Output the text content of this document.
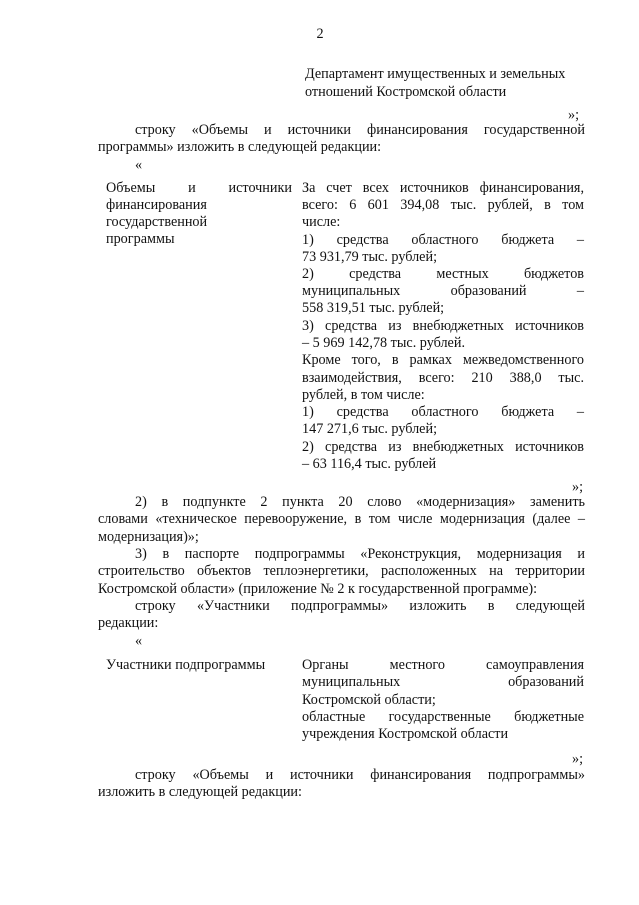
2
Департамент имущественных и земельных
отношений Костромской области
»;
строку «Объемы и источники финансирования государственной
программы» изложить в следующей редакции:
«
Объемы и источники
финансирования
государственной
программы
За счет всех источников финансирования,
всего: 6 601 394,08 тыс. рублей, в том
числе:
1) средства областного бюджета –
73 931,79 тыс. рублей;
2) средства местных бюджетов
муниципальных образований –
558 319,51 тыс. рублей;
3) средства из внебюджетных источников
– 5 969 142,78 тыс. рублей.
Кроме того, в рамках межведомственного
взаимодействия, всего: 210 388,0 тыс.
рублей, в том числе:
1) средства областного бюджета –
147 271,6 тыс. рублей;
2) средства из внебюджетных источников
– 63 116,4 тыс. рублей
»;
2) в подпункте 2 пункта 20 слово «модернизация» заменить
словами «техническое перевооружение, в том числе модернизация (далее –
модернизация)»;
3) в паспорте подпрограммы «Реконструкция, модернизация и
строительство объектов теплоэнергетики, расположенных на территории
Костромской области» (приложение № 2 к государственной программе):
строку «Участники подпрограммы» изложить в следующей
редакции:
«
Участники подпрограммы	Органы местного самоуправления
муниципальных образований
Костромской области;
областные государственные бюджетные
учреждения Костромской области
»;
строку «Объемы и источники финансирования подпрограммы»
изложить в следующей редакции:
